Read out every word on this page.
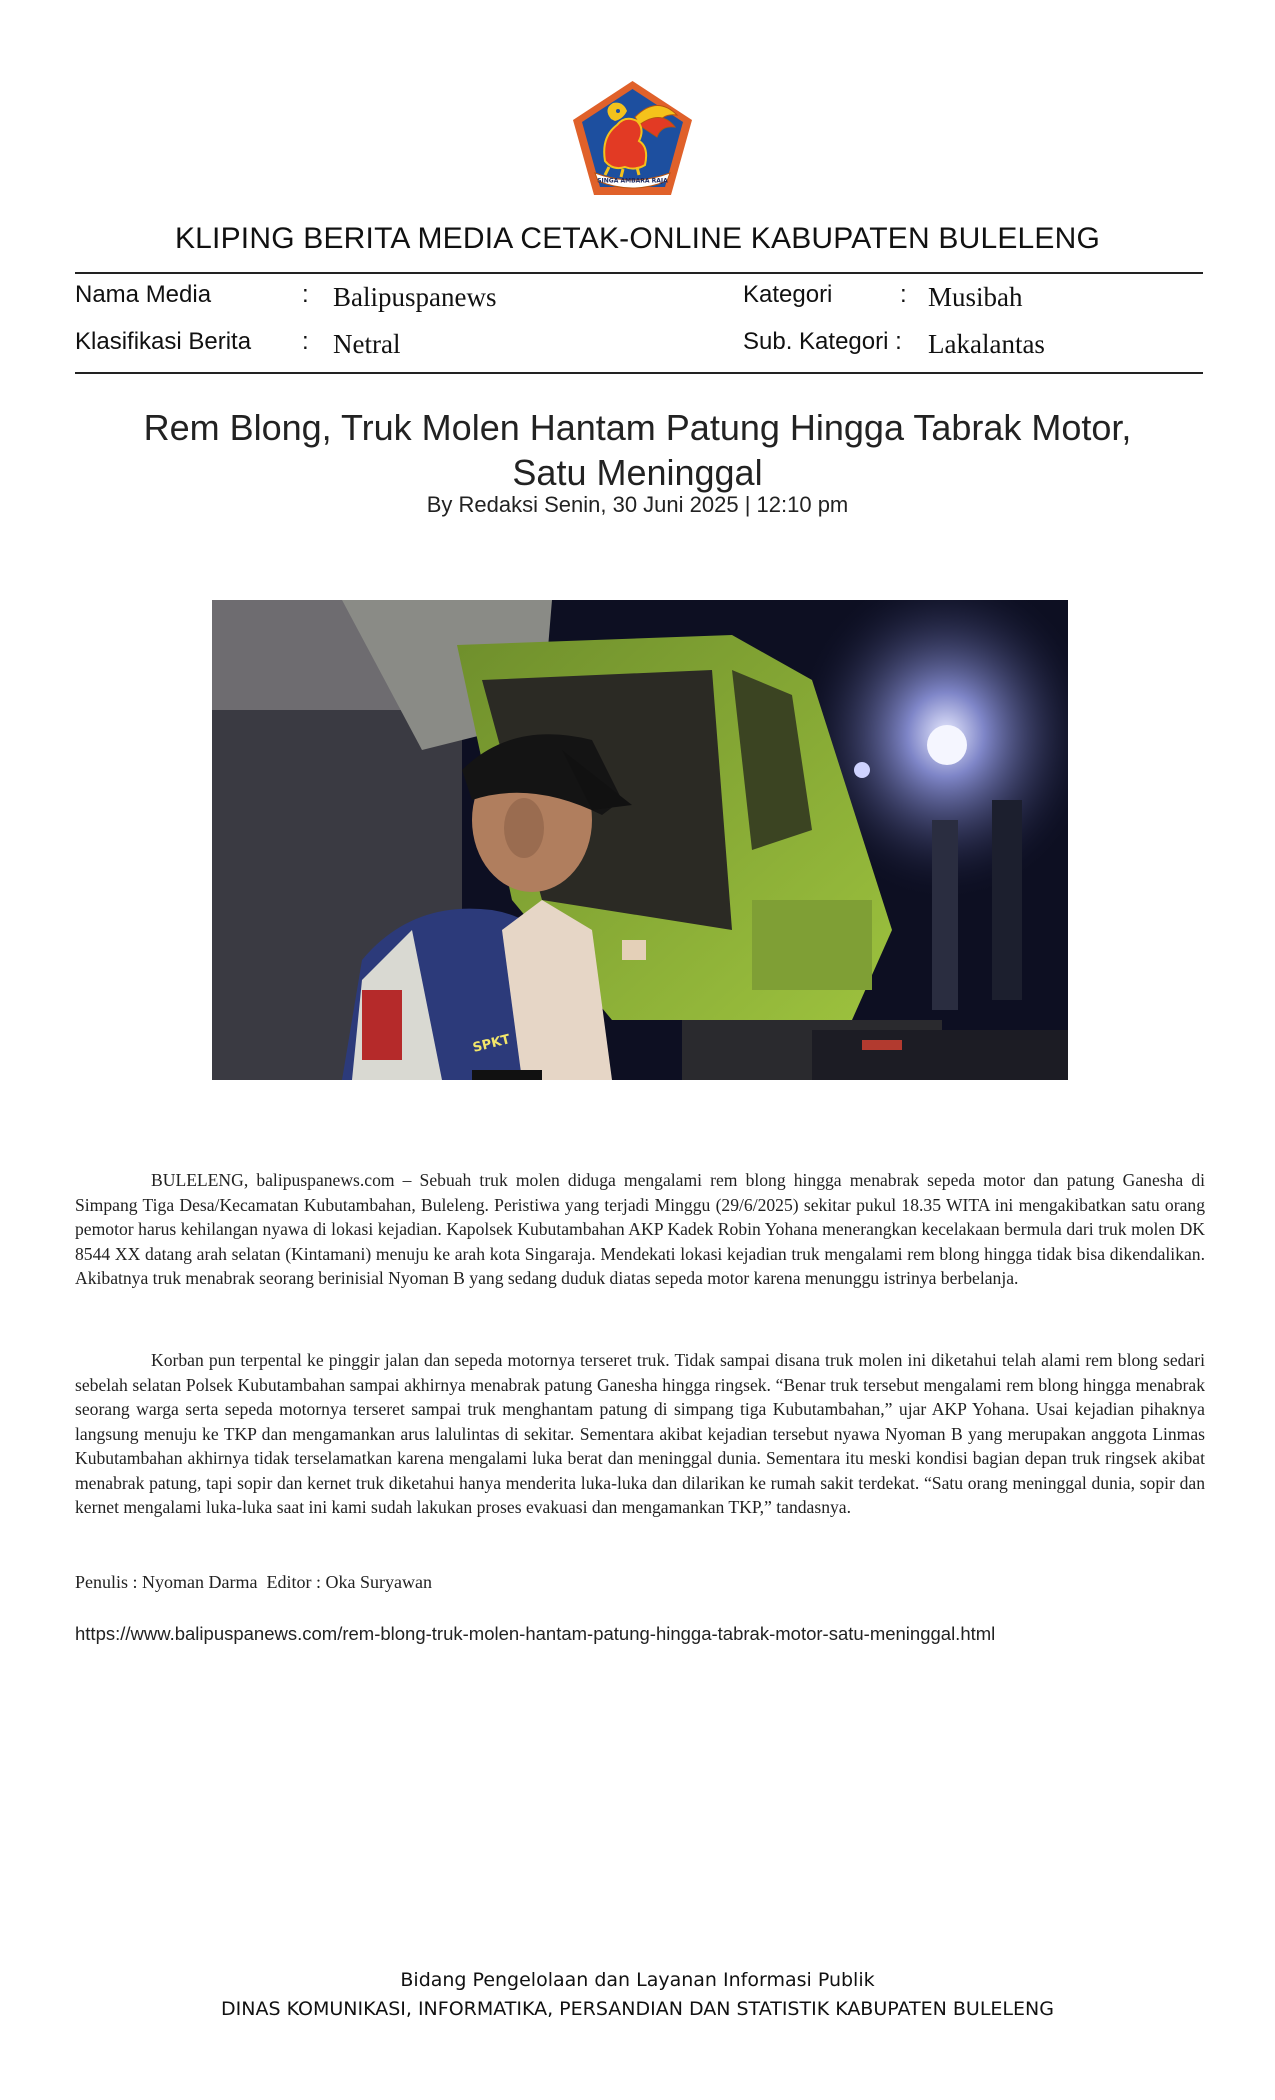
SINGA AMBARA RAJA
KLIPING BERITA MEDIA CETAK-ONLINE KABUPATEN BULELENG
Nama Media	: Balipuspanews	Kategori	: Musibah
Klasifikasi Berita : Netral	Sub. Kategori : Lakalantas
Rem Blong, Truk Molen Hantam Patung Hingga Tabrak Motor,
Satu Meninggal
By Redaksi Senin, 30 Juni 2025 | 12:10 pm
SPKT

BULELENG, balipuspanews.com – Sebuah truk molen diduga mengalami rem blong hingga menabrak sepeda motor dan patung Ganesha di Simpang Tiga Desa/Kecamatan Kubutambahan, Buleleng. Peristiwa yang terjadi Minggu (29/6/2025) sekitar pukul 18.35 WITA ini mengakibatkan satu orang pemotor harus kehilangan nyawa di lokasi kejadian. Kapolsek Kubutambahan AKP Kadek Robin Yohana menerangkan kecelakaan bermula dari truk molen DK 8544 XX datang arah selatan (Kintamani) menuju ke arah kota Singaraja. Mendekati lokasi kejadian truk mengalami rem blong hingga tidak bisa dikendalikan. Akibatnya truk menabrak seorang berinisial Nyoman B yang sedang duduk diatas sepeda motor karena menunggu istrinya berbelanja.

Korban pun terpental ke pinggir jalan dan sepeda motornya terseret truk. Tidak sampai disana truk molen ini diketahui telah alami rem blong sedari sebelah selatan Polsek Kubutambahan sampai akhirnya menabrak patung Ganesha hingga ringsek. “Benar truk tersebut mengalami rem blong hingga menabrak seorang warga serta sepeda motornya terseret sampai truk menghantam patung di simpang tiga Kubutambahan,” ujar AKP Yohana. Usai kejadian pihaknya langsung menuju ke TKP dan mengamankan arus lalulintas di sekitar. Sementara akibat kejadian tersebut nyawa Nyoman B yang merupakan anggota Linmas Kubutambahan akhirnya tidak terselamatkan karena mengalami luka berat dan meninggal dunia. Sementara itu meski kondisi bagian depan truk ringsek akibat menabrak patung, tapi sopir dan kernet truk diketahui hanya menderita luka-luka dan dilarikan ke rumah sakit terdekat. “Satu orang meninggal dunia, sopir dan kernet mengalami luka-luka saat ini kami sudah lakukan proses evakuasi dan mengamankan TKP,” tandasnya.

Penulis : Nyoman Darma Editor : Oka Suryawan
https://www.balipuspanews.com/rem-blong-truk-molen-hantam-patung-hingga-tabrak-motor-satu-meninggal.html
Bidang Pengelolaan dan Layanan Informasi Publik
DINAS KOMUNIKASI, INFORMATIKA, PERSANDIAN DAN STATISTIK KABUPATEN BULELENG
